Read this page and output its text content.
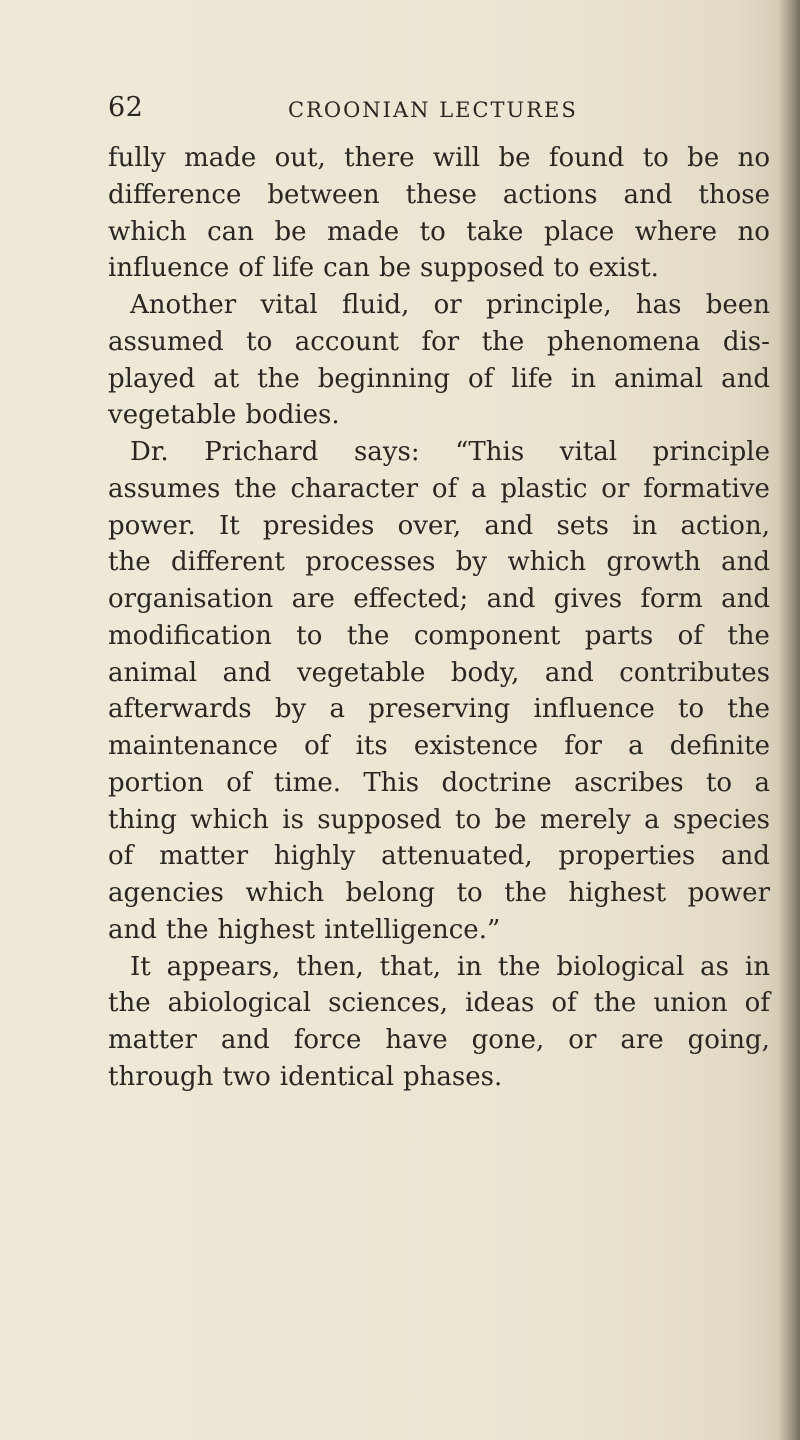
62	CROONIAN LECTURES
fully made out, there will be found to be no
difference between these actions and those
which can be made to take place where no
influence of life can be supposed to exist.
Another vital fluid, or principle, has been
assumed to account for the phenomena dis-
played at the beginning of life in animal and
vegetable bodies.
Dr. Prichard says: “This vital principle
assumes the character of a plastic or formative
power. It presides over, and sets in action,
the different processes by which growth and
organisation are effected; and gives form and
modification to the component parts of the
animal and vegetable body, and contributes
afterwards by a preserving influence to the
maintenance of its existence for a definite
portion of time. This doctrine ascribes to a
thing which is supposed to be merely a species
of matter highly attenuated, properties and
agencies which belong to the highest power
and the highest intelligence.”
It appears, then, that, in the biological as in
the abiological sciences, ideas of the union of
matter and force have gone, or are going,
through two identical phases.
